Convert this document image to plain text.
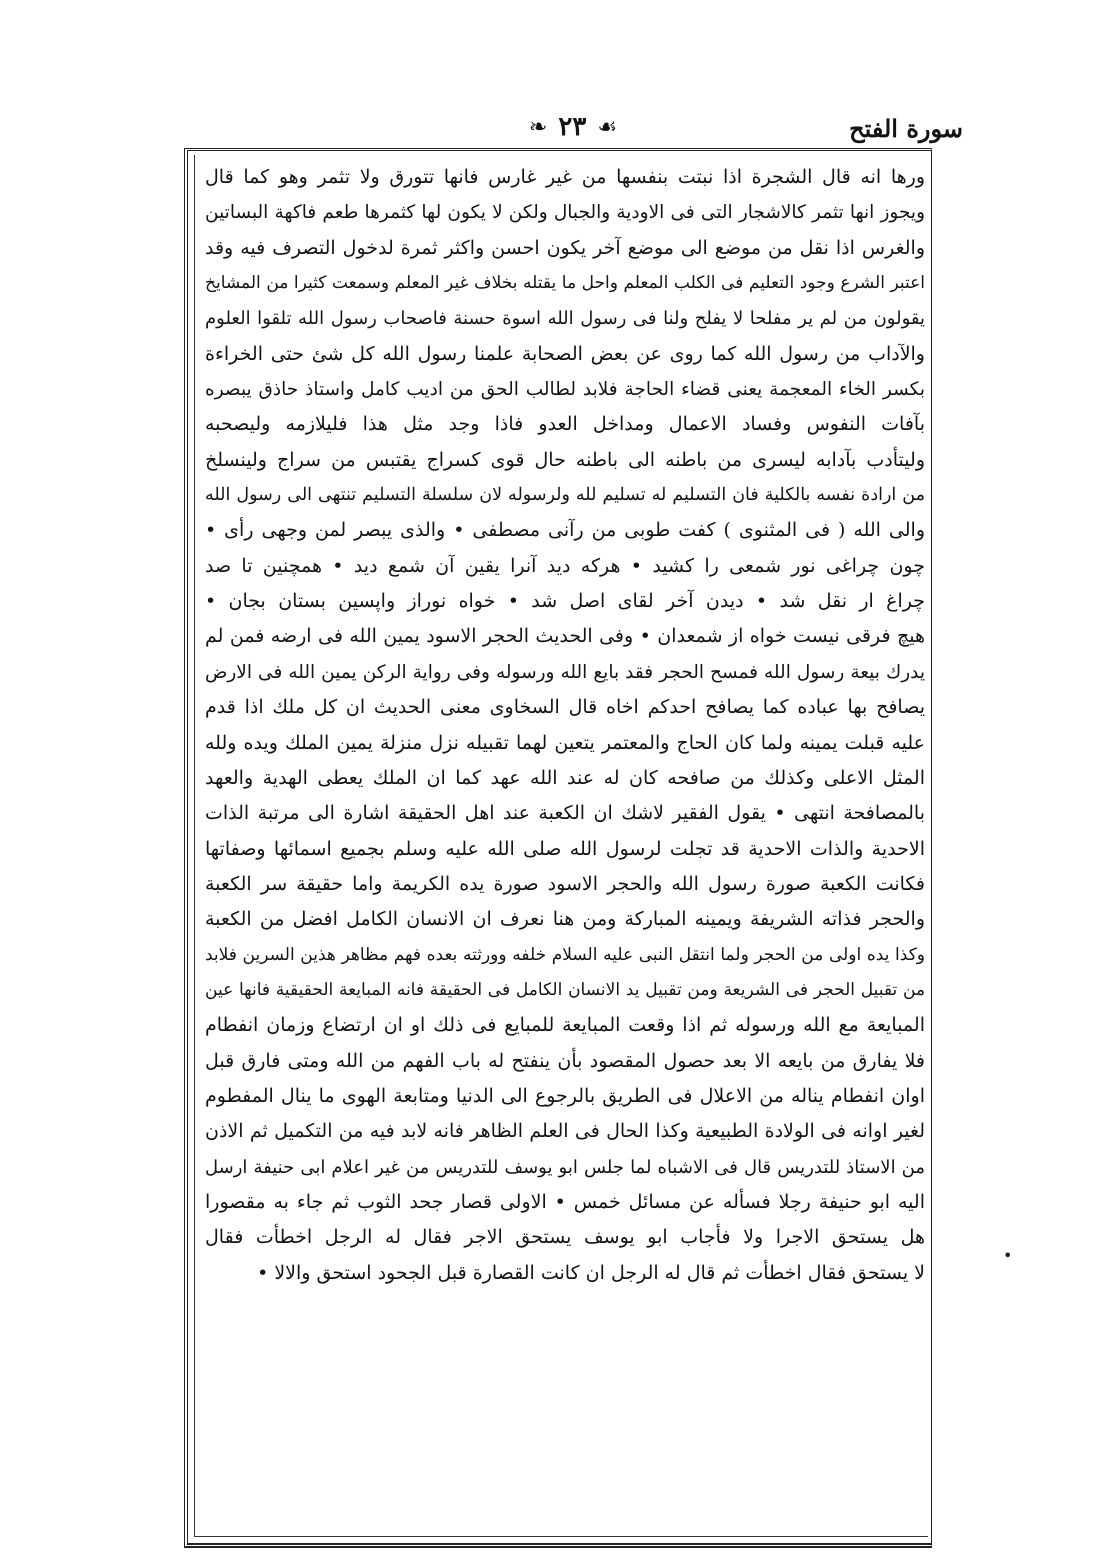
سورة الفتح
❧ ٢٣ ☙
ورها انه قال الشجرة اذا نبتت بنفسها من غير غارس فانها تتورق ولا تثمر وهو كما قال
ويجوز انها تثمر كالاشجار التى فى الاودية والجبال ولكن لا يكون لها كثمرها طعم فاكهة البساتين
والغرس اذا نقل من موضع الى موضع آخر يكون احسن واكثر ثمرة لدخول التصرف فيه وقد
اعتبر الشرع وجود التعليم فى الكلب المعلم واحل ما يقتله بخلاف غير المعلم وسمعت كثيرا من المشايخ
يقولون من لم ير مفلحا لا يفلح ولنا فى رسول الله اسوة حسنة فاصحاب رسول الله تلقوا العلوم
والآداب من رسول الله كما روى عن بعض الصحابة علمنا رسول الله كل شئ حتى الخراءة
بكسر الخاء المعجمة يعنى قضاء الحاجة فلابد لطالب الحق من اديب كامل واستاذ حاذق يبصره
بآفات النفوس وفساد الاعمال ومداخل العدو فاذا وجد مثل هذا فليلازمه وليصحبه
وليتأدب بآدابه ليسرى من باطنه الى باطنه حال قوى كسراج يقتبس من سراج ولينسلخ
من ارادة نفسه بالكلية فان التسليم له تسليم لله ولرسوله لان سلسلة التسليم تنتهى الى رسول الله
والى الله ( فى المثنوى ) كفت طوبى من رآنى مصطفى • والذى يبصر لمن وجهى رأى •
چون چراغى نور شمعى را كشيد • هركه ديد آنرا يقين آن شمع ديد • همچنين تا صد
چراغ ار نقل شد • ديدن آخر لقاى اصل شد • خواه نوراز واپسين بستان بجان •
هيچ فرقى نيست خواه از شمعدان • وفى الحديث الحجر الاسود يمين الله فى ارضه فمن لم
يدرك بيعة رسول الله فمسح الحجر فقد بايع الله ورسوله وفى رواية الركن يمين الله فى الارض
يصافح بها عباده كما يصافح احدكم اخاه قال السخاوى معنى الحديث ان كل ملك اذا قدم
عليه قبلت يمينه ولما كان الحاج والمعتمر يتعين لهما تقبيله نزل منزلة يمين الملك ويده ولله
المثل الاعلى وكذلك من صافحه كان له عند الله عهد كما ان الملك يعطى الهدية والعهد
بالمصافحة انتهى • يقول الفقير لاشك ان الكعبة عند اهل الحقيقة اشارة الى مرتبة الذات
الاحدية والذات الاحدية قد تجلت لرسول الله صلى الله عليه وسلم بجميع اسمائها وصفاتها
فكانت الكعبة صورة رسول الله والحجر الاسود صورة يده الكريمة واما حقيقة سر الكعبة
والحجر فذاته الشريفة ويمينه المباركة ومن هنا نعرف ان الانسان الكامل افضل من الكعبة
وكذا يده اولى من الحجر ولما انتقل النبى عليه السلام خلفه وورثته بعده فهم مظاهر هذين السرين فلابد
من تقبيل الحجر فى الشريعة ومن تقبيل يد الانسان الكامل فى الحقيقة فانه المبايعة الحقيقية فانها عين
المبايعة مع الله ورسوله ثم اذا وقعت المبايعة للمبايع فى ذلك او ان ارتضاع وزمان انفطام
فلا يفارق من بايعه الا بعد حصول المقصود بأن ينفتح له باب الفهم من الله ومتى فارق قبل
اوان انفطام يناله من الاعلال فى الطريق بالرجوع الى الدنيا ومتابعة الهوى ما ينال المفطوم
لغير اوانه فى الولادة الطبيعية وكذا الحال فى العلم الظاهر فانه لابد فيه من التكميل ثم الاذن
من الاستاذ للتدريس قال فى الاشباه لما جلس ابو يوسف للتدريس من غير اعلام ابى حنيفة ارسل
اليه ابو حنيفة رجلا فسأله عن مسائل خمس • الاولى قصار جحد الثوب ثم جاء به مقصورا
هل يستحق الاجرا ولا فأجاب ابو يوسف يستحق الاجر فقال له الرجل اخطأت فقال
لا يستحق فقال اخطأت ثم قال له الرجل ان كانت القصارة قبل الجحود استحق والالا •
•
